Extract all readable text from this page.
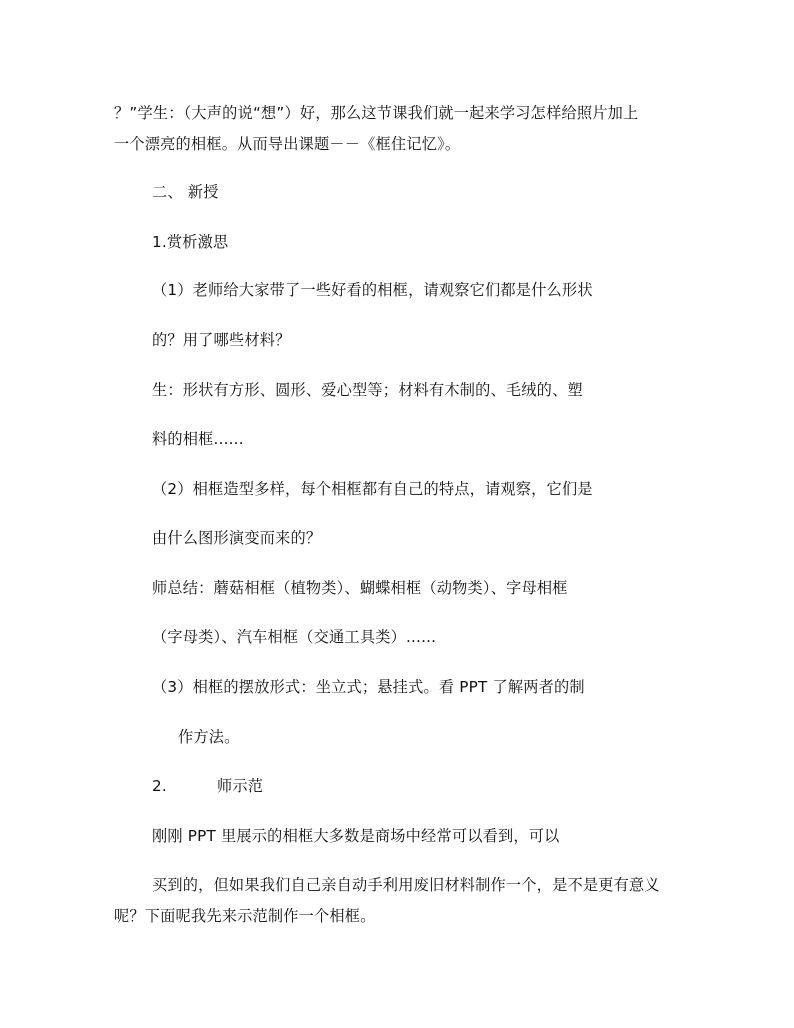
？”学生：（大声的说“想”）好，那么这节课我们就一起来学习怎样给照片加上
一个漂亮的相框。从而导出课题－－《框住记忆》。
二、 新授
1.赏析激思
（1）老师给大家带了一些好看的相框，请观察它们都是什么形状
的？用了哪些材料？
生：形状有方形、圆形、爱心型等；材料有木制的、毛绒的、塑
料的相框......
（2）相框造型多样，每个相框都有自己的特点，请观察，它们是
由什么图形演变而来的？
师总结：蘑菇相框（植物类）、蝴蝶相框（动物类）、字母相框
（字母类）、汽车相框（交通工具类）......
（3）相框的摆放形式：坐立式；悬挂式。看 PPT 了解两者的制
作方法。
2.	师示范
刚刚 PPT 里展示的相框大多数是商场中经常可以看到，可以
买到的，但如果我们自己亲自动手利用废旧材料制作一个，是不是更有意义
呢？下面呢我先来示范制作一个相框。
